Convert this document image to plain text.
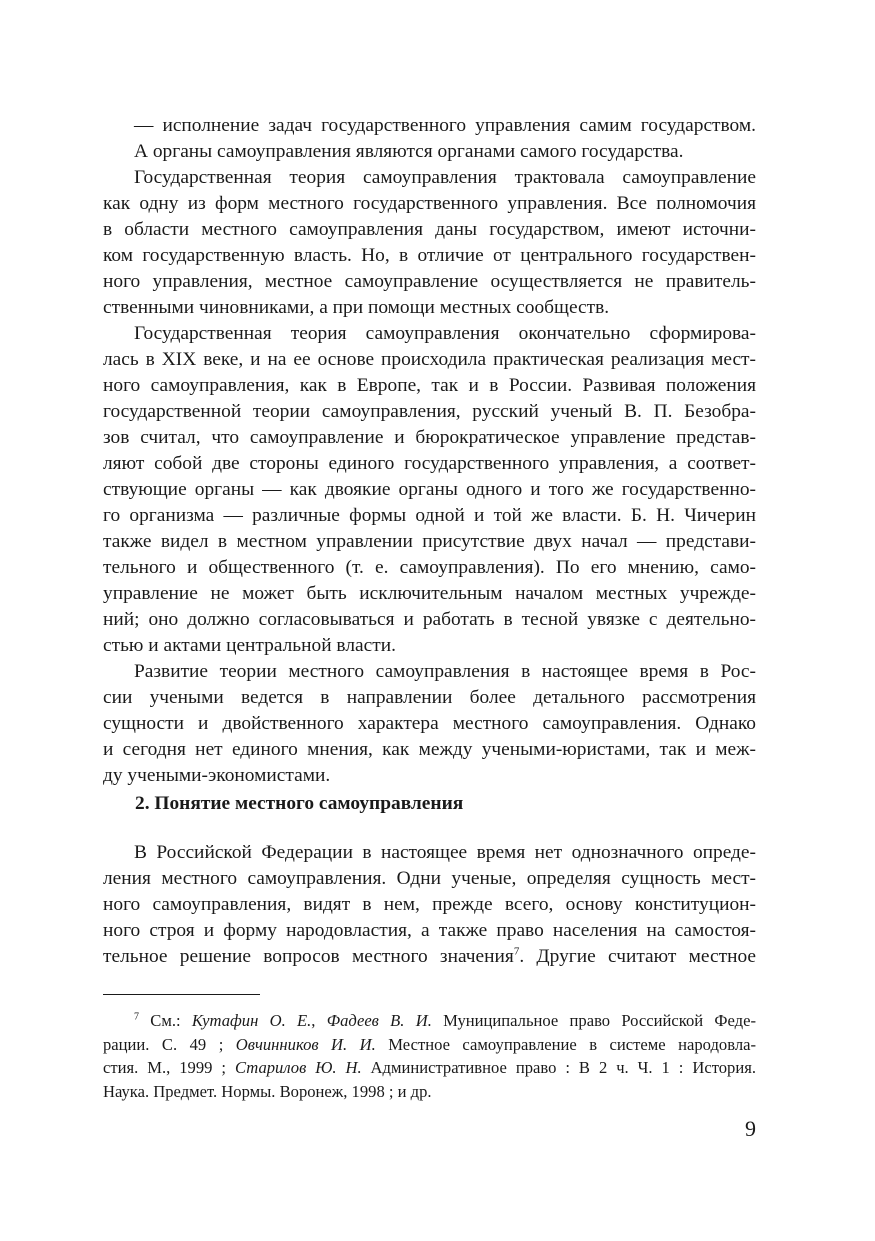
— исполнение задач государственного управления самим государством.
А органы самоуправления являются органами самого государства.
Государственная теория самоуправления трактовала самоуправление
как одну из форм местного государственного управления. Все полномочия
в области местного самоуправления даны государством, имеют источни-
ком государственную власть. Но, в отличие от центрального государствен-
ного управления, местное самоуправление осуществляется не правитель-
ственными чиновниками, а при помощи местных сообществ.
Государственная теория самоуправления окончательно сформирова-
лась в XIX веке, и на ее основе происходила практическая реализация мест-
ного самоуправления, как в Европе, так и в России. Развивая положения
государственной теории самоуправления, русский ученый В. П. Безобра-
зов считал, что самоуправление и бюрократическое управление представ-
ляют собой две стороны единого государственного управления, а соответ-
ствующие органы — как двоякие органы одного и того же государственно-
го организма — различные формы одной и той же власти. Б. Н. Чичерин
также видел в местном управлении присутствие двух начал — представи-
тельного и общественного (т. е. самоуправления). По его мнению, само-
управление не может быть исключительным началом местных учрежде-
ний; оно должно согласовываться и работать в тесной увязке с деятельно-
стью и актами центральной власти.
Развитие теории местного самоуправления в настоящее время в Рос-
сии учеными ведется в направлении более детального рассмотрения
сущности и двойственного характера местного самоуправления. Однако
и сегодня нет единого мнения, как между учеными-юристами, так и меж-
ду учеными-экономистами.
2. Понятие местного самоуправления
В Российской Федерации в настоящее время нет однозначного опреде-
ления местного самоуправления. Одни ученые, определяя сущность мест-
ного самоуправления, видят в нем, прежде всего, основу конституцион-
ного строя и форму народовластия, а также право населения на самостоя-
тельное решение вопросов местного значения$^7$. Другие считают местное
$^7$ См.: Кутафин О. Е., Фадеев В. И. Муниципальное право Российской Феде-
рации. С. 49 ; Овчинников И. И. Местное самоуправление в системе народовла-
стия. М., 1999 ; Старилов Ю. Н. Административное право : В 2 ч. Ч. 1 : История.
Наука. Предмет. Нормы. Воронеж, 1998 ; и др.
9
